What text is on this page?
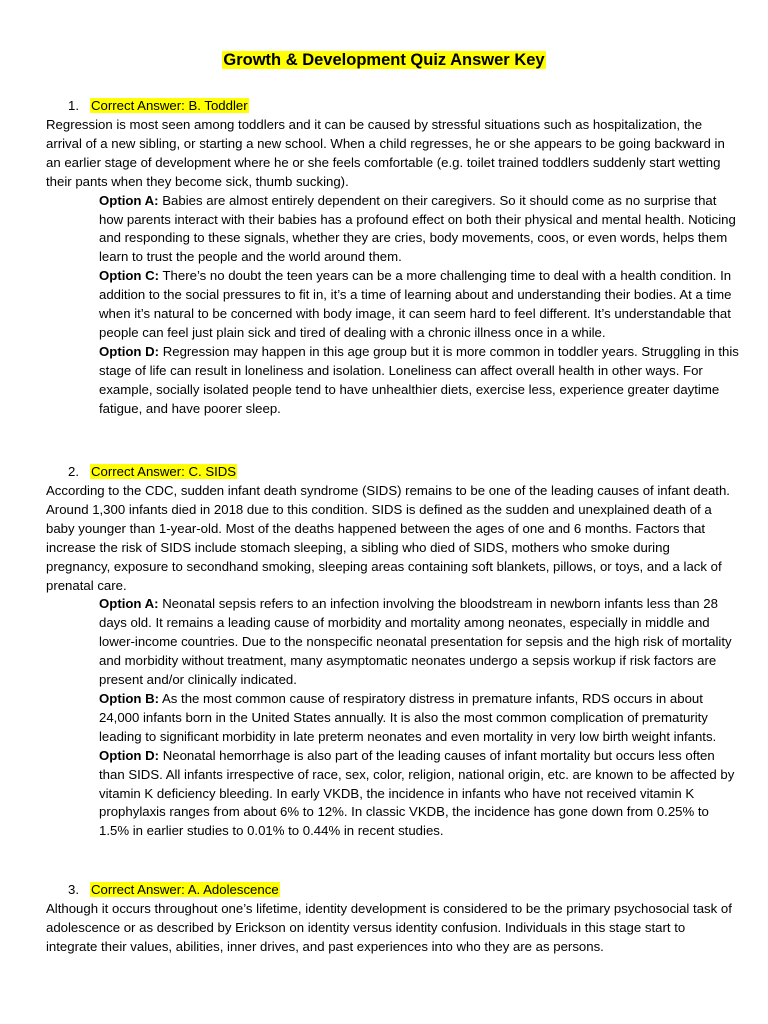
Growth & Development Quiz Answer Key
1. Correct Answer: B. Toddler

Regression is most seen among toddlers and it can be caused by stressful situations such as hospitalization, the arrival of a new sibling, or starting a new school. When a child regresses, he or she appears to be going backward in an earlier stage of development where he or she feels comfortable (e.g. toilet trained toddlers suddenly start wetting their pants when they become sick, thumb sucking).

Option A: Babies are almost entirely dependent on their caregivers. So it should come as no surprise that how parents interact with their babies has a profound effect on both their physical and mental health. Noticing and responding to these signals, whether they are cries, body movements, coos, or even words, helps them learn to trust the people and the world around them.

Option C: There’s no doubt the teen years can be a more challenging time to deal with a health condition. In addition to the social pressures to fit in, it’s a time of learning about and understanding their bodies. At a time when it’s natural to be concerned with body image, it can seem hard to feel different. It’s understandable that people can feel just plain sick and tired of dealing with a chronic illness once in a while.

Option D: Regression may happen in this age group but it is more common in toddler years. Struggling in this stage of life can result in loneliness and isolation. Loneliness can affect overall health in other ways. For example, socially isolated people tend to have unhealthier diets, exercise less, experience greater daytime fatigue, and have poorer sleep.

2. Correct Answer: C. SIDS

According to the CDC, sudden infant death syndrome (SIDS) remains to be one of the leading causes of infant death. Around 1,300 infants died in 2018 due to this condition. SIDS is defined as the sudden and unexplained death of a baby younger than 1-year-old. Most of the deaths happened between the ages of one and 6 months. Factors that increase the risk of SIDS include stomach sleeping, a sibling who died of SIDS, mothers who smoke during pregnancy, exposure to secondhand smoking, sleeping areas containing soft blankets, pillows, or toys, and a lack of prenatal care.

Option A: Neonatal sepsis refers to an infection involving the bloodstream in newborn infants less than 28 days old. It remains a leading cause of morbidity and mortality among neonates, especially in middle and lower-income countries. Due to the nonspecific neonatal presentation for sepsis and the high risk of mortality and morbidity without treatment, many asymptomatic neonates undergo a sepsis workup if risk factors are present and/or clinically indicated.

Option B: As the most common cause of respiratory distress in premature infants, RDS occurs in about 24,000 infants born in the United States annually. It is also the most common complication of prematurity leading to significant morbidity in late preterm neonates and even mortality in very low birth weight infants.

Option D: Neonatal hemorrhage is also part of the leading causes of infant mortality but occurs less often than SIDS. All infants irrespective of race, sex, color, religion, national origin, etc. are known to be affected by vitamin K deficiency bleeding. In early VKDB, the incidence in infants who have not received vitamin K prophylaxis ranges from about 6% to 12%. In classic VKDB, the incidence has gone down from 0.25% to 1.5% in earlier studies to 0.01% to 0.44% in recent studies.

3. Correct Answer: A. Adolescence

Although it occurs throughout one’s lifetime, identity development is considered to be the primary psychosocial task of adolescence or as described by Erickson on identity versus identity confusion. Individuals in this stage start to integrate their values, abilities, inner drives, and past experiences into who they are as persons.
